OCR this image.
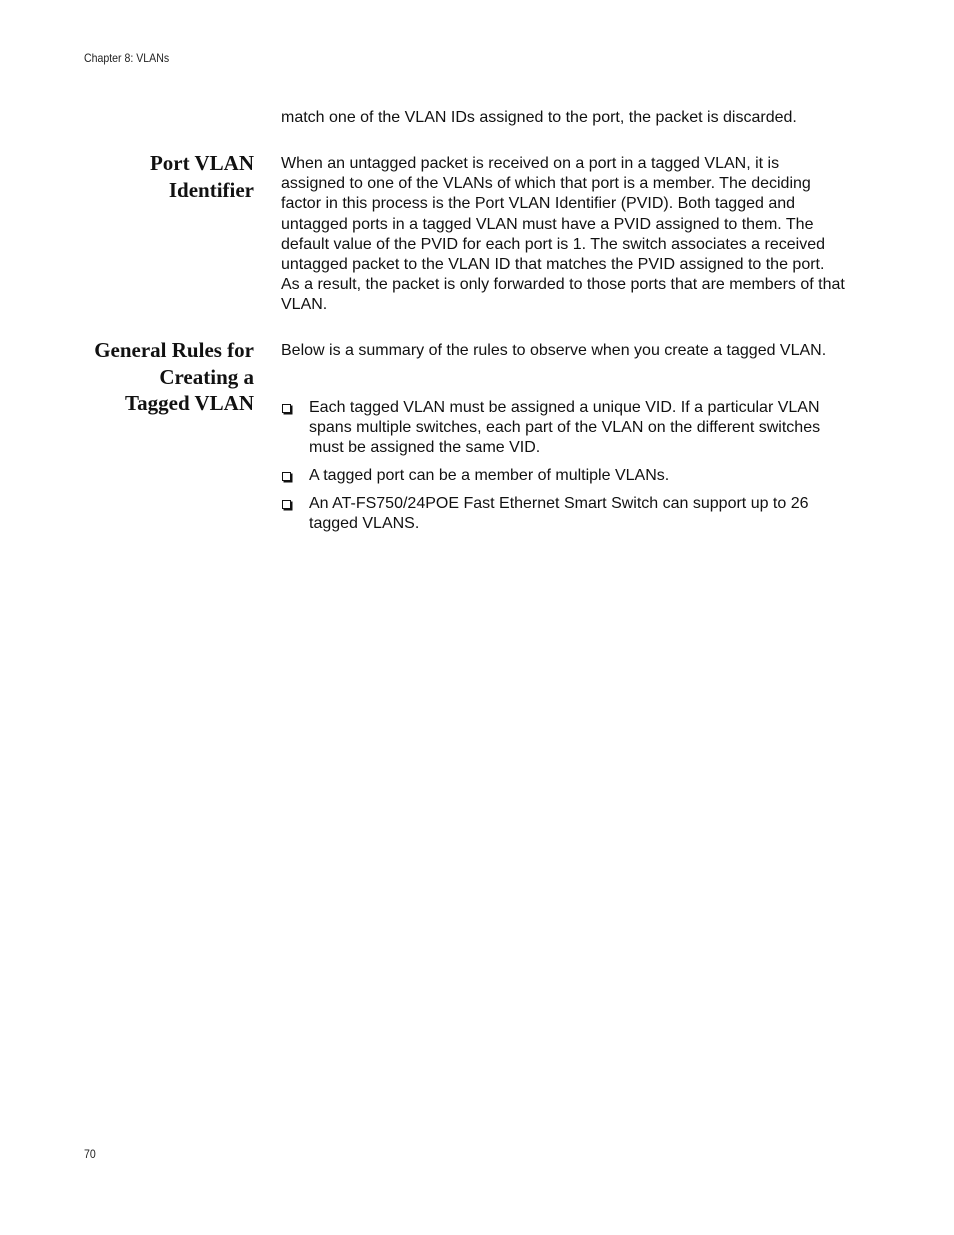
Chapter 8: VLANs

match one of the VLAN IDs assigned to the port, the packet is discarded.

Port VLAN
Identifier

When an untagged packet is received on a port in a tagged VLAN, it is assigned to one of the VLANs of which that port is a member. The deciding factor in this process is the Port VLAN Identifier (PVID). Both tagged and untagged ports in a tagged VLAN must have a PVID assigned to them. The default value of the PVID for each port is 1. The switch associates a received untagged packet to the VLAN ID that matches the PVID assigned to the port. As a result, the packet is only forwarded to those ports that are members of that VLAN.

General Rules for
Creating a
Tagged VLAN

Below is a summary of the rules to observe when you create a tagged VLAN.

Each tagged VLAN must be assigned a unique VID. If a particular VLAN spans multiple switches, each part of the VLAN on the different switches must be assigned the same VID.
A tagged port can be a member of multiple VLANs.
An AT-FS750/24POE Fast Ethernet Smart Switch can support up to 26 tagged VLANS.
70
